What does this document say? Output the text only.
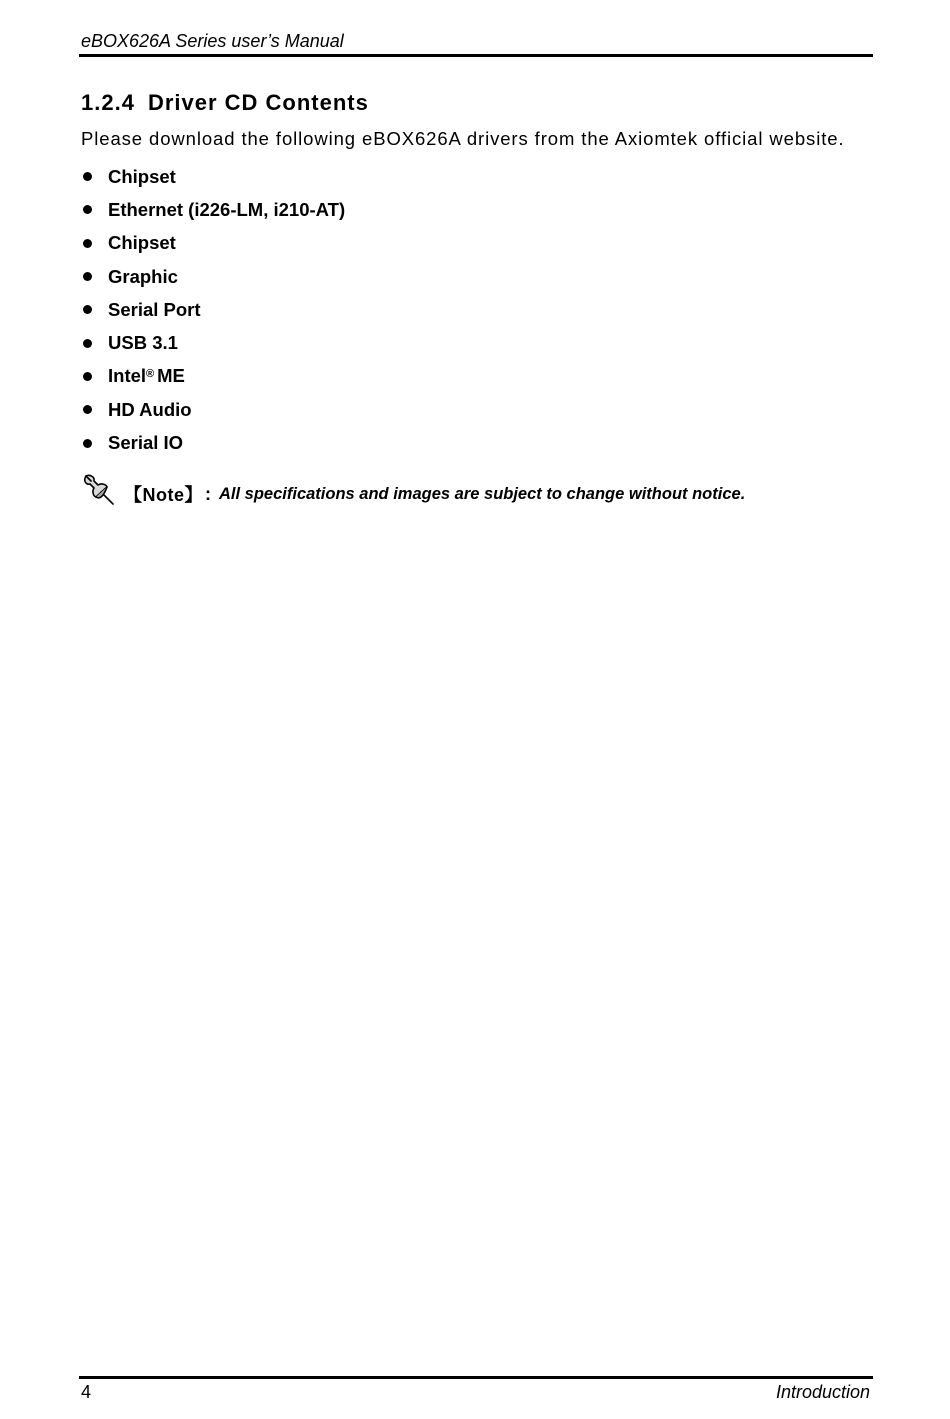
eBOX626A Series user’s Manual
1.2.4 Driver CD Contents
Please download the following eBOX626A drivers from the Axiomtek official website.
Chipset
Ethernet (i226-LM, i210-AT)
Chipset
Graphic
Serial Port
USB 3.1
Intel® ME
HD Audio
Serial IO
【Note】 : All specifications and images are subject to change without notice.
4	Introduction
